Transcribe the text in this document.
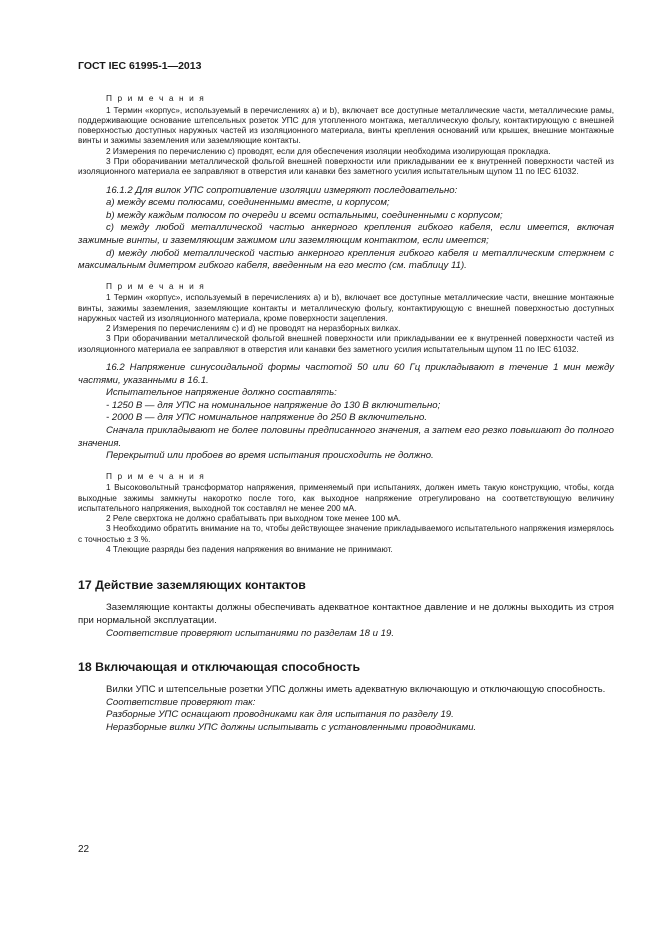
ГОСТ IEC 61995-1—2013

П р и м е ч а н и я

1 Термин «корпус», используемый в перечислениях a) и b), включает все доступные металлические части, металлические рамы, поддерживающие основание штепсельных розеток УПС для утопленного монтажа, металлическую фольгу, контактирующую с внешней поверхностью доступных наружных частей из изоляционного материала, винты крепления оснований или крышек, внешние монтажные винты и зажимы заземления или заземляющие контакты.

2 Измерения по перечислению c) проводят, если для обеспечения изоляции необходима изолирующая прокладка.

3 При оборачивании металлической фольгой внешней поверхности или прикладывании ее к внутренней поверхности частей из изоляционного материала ее заправляют в отверстия или канавки без заметного усилия испытательным щупом 11 по IEC 61032.

16.1.2 Для вилок УПС сопротивление изоляции измеряют последовательно:

a) между всеми полюсами, соединенными вместе, и корпусом;

b) между каждым полюсом по очереди и всеми остальными, соединенными с корпусом;

c) между любой металлической частью анкерного крепления гибкого кабеля, если имеется, включая зажимные винты, и заземляющим зажимом или заземляющим контактом, если имеется;

d) между любой металлической частью анкерного крепления гибкого кабеля и металлическим стержнем с максимальным диметром гибкого кабеля, введенным на его место (см. таблицу 11).

П р и м е ч а н и я

1 Термин «корпус», используемый в перечислениях a) и b), включает все доступные металлические части, внешние монтажные винты, зажимы заземления, заземляющие контакты и металлическую фольгу, контактирующую с внешней поверхностью доступных наружных частей из изоляционного материала, кроме поверхности зацепления.

2 Измерения по перечислениям c) и d) не проводят на неразборных вилках.

3 При оборачивании металлической фольгой внешней поверхности или прикладывании ее к внутренней поверхности частей из изоляционного материала ее заправляют в отверстия или канавки без заметного усилия испытательным щупом 11 по IEC 61032.

16.2 Напряжение синусоидальной формы частотой 50 или 60 Гц прикладывают в течение 1 мин между частями, указанными в 16.1.

Испытательное напряжение должно составлять:

- 1250 В — для УПС на номинальное напряжение до 130 В включительно;

- 2000 В — для УПС номинальное напряжение до 250 В включительно.

Сначала прикладывают не более половины предписанного значения, а затем его резко повышают до полного значения.

Перекрытий или пробоев во время испытания происходить не должно.

П р и м е ч а н и я

1 Высоковольтный трансформатор напряжения, применяемый при испытаниях, должен иметь такую конструкцию, чтобы, когда выходные зажимы замкнуты накоротко после того, как выходное напряжение отрегулировано на соответствующую величину испытательного напряжения, выходной ток составлял не менее 200 мА.

2 Реле сверхтока не должно срабатывать при выходном токе менее 100 мА.

3 Необходимо обратить внимание на то, чтобы действующее значение прикладываемого испытательного напряжения измерялось с точностью ± 3 %.

4 Тлеющие разряды без падения напряжения во внимание не принимают.

17 Действие заземляющих контактов

Заземляющие контакты должны обеспечивать адекватное контактное давление и не должны выходить из строя при нормальной эксплуатации.

Соответствие проверяют испытаниями по разделам 18 и 19.

18 Включающая и отключающая способность

Вилки УПС и штепсельные розетки УПС должны иметь адекватную включающую и отключающую способность.

Соответствие проверяют так:

Разборные УПС оснащают проводниками как для испытания по разделу 19.

Неразборные вилки УПС должны испытывать с установленными проводниками.

22
